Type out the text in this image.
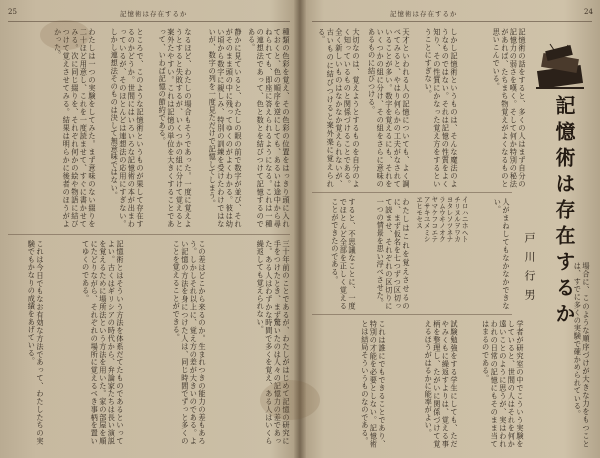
25	記憶術は存在するか
種類の色彩を覚え、その色彩の位置をはっきり頭に入れておくと、色の順序を逆にしても、あるいは途中から尋ねられても、即座に答えられるようになる。これは一種の連想法であって、色と数とを結びつけて記憶するのである。
静かに見ていると、わたしの眼の前で数字が並び、それがそのまま頭の中に残ってゆくのがよくわかる。彼は幼い頃から数字に親しみ、特別の訓練を受けたわけではないが、数字の列を一度見ただけで記憶してしまう。
なるほど、わたしの場合もそうであった。一度に覚えようとすると失敗するが、いくつかの組に分けて覚えると案外たやすい。これは記憶の単位を大きくすることであって、いわば記憶の節約である。
ところで、このような記憶術というものが果して存在するのかどうか。世間にはいろいろな記憶術の本が出まわっているが、そのほとんどは連想法の応用にすぎない。しかし連想法そのものは決して無意味ではない。
わたしは一つの実験をしてみた。まず意味のない綴りを二十ほど用意し、これを一度読ませて、すぐに書かせてみる。次に同じ綴りを、それぞれ何かの絵や物語に結びつけて覚えさせてみる。結果は明らかに後者のほうがよかった。
三十年前のことであるが、わたしがはじめて記憶の研究に手をつけたとき、まず驚いたのは人々の記憶力の差であった。ある人はわずかな時間で多くを覚え、ある人はいくら繰返しても覚えられない。
この差はどこから来るのか。生まれつきの能力の差もあろう。しかしそれ以上に、覚え方の差が大きいのである。よい記憶の方法を身につけた人は、同じ時間でずっと多くのことを覚えることができる。
記憶術とはそういう方法を体系だてたものであるといってよい。古くはギリシアの時代から、弁論家たちは長い演説を覚えるために場所法という方法を用いた。家の部屋を順にたどりながら、それぞれの場所に覚えるべき事柄を置いてゆくのである。
これは今日でもなお有効な方法であって、わたしたちの実験でもかなりの成績をあげている。
24
記憶術は存在するか
記憶術は存在するか
戸川行男
記憶術の話をすると、多くの人はまず自分の記憶力の弱さを嘆く。そして何か特別の秘法があれば、たちまち物覚えがよくなるものと思いこんでいる。
しかし記憶術というものは、そんな魔法のようなものではない。それは記憶の性質をよく知り、その性質にかなった覚え方をするということにすぎない。
天才といわれる人の記憶についても、よく調べてみると、やはり何らかの工夫がなされていることが多い。数字を覚えるにも、それをいくつかの組に分け、その組をさらに意味のあるものに結びつける。
大切なのは、覚えようとするものを自分のよく知っているものと関係づけることである。全く新しいものはなかなか覚えられないが、古いものに結びつけると案外楽に覚えられる。
イロハニホヘト
チリヌルヲワカ
ヨタレソツネナ
ラムウヰノオク
ヤマケフコエテ
アサキユメミシ
ヱヒモセス	人がまねしてもなかなかできない。
わたしはこれを覚えさせるのに、まず仮名を七つずつ区切って読ませ、それぞれの区切りに一つの情景を思い浮べさせた。
すると、不思議なことに、一度でほとんど全部を正しく覚えることができたのである。
場合に、このような順序づけが大きな力をもつことは、すでに多くの実験で確かめられている。
学者が研究室の中でこういう実験をしていると、世間の人はそれを何か遠いことのように思うが、実はわれわれの日常の記憶にもそのまま当てはまるのである。
試験勉強をする学生にしても、ただやみくもに繰返すよりは、覚える事柄を整理し、たがいに関係づけて覚えるほうがはるかに能率がよい。
これは誰にでもできることであり、特別の才能を必要としない。記憶術とは結局そういうものなのである。
